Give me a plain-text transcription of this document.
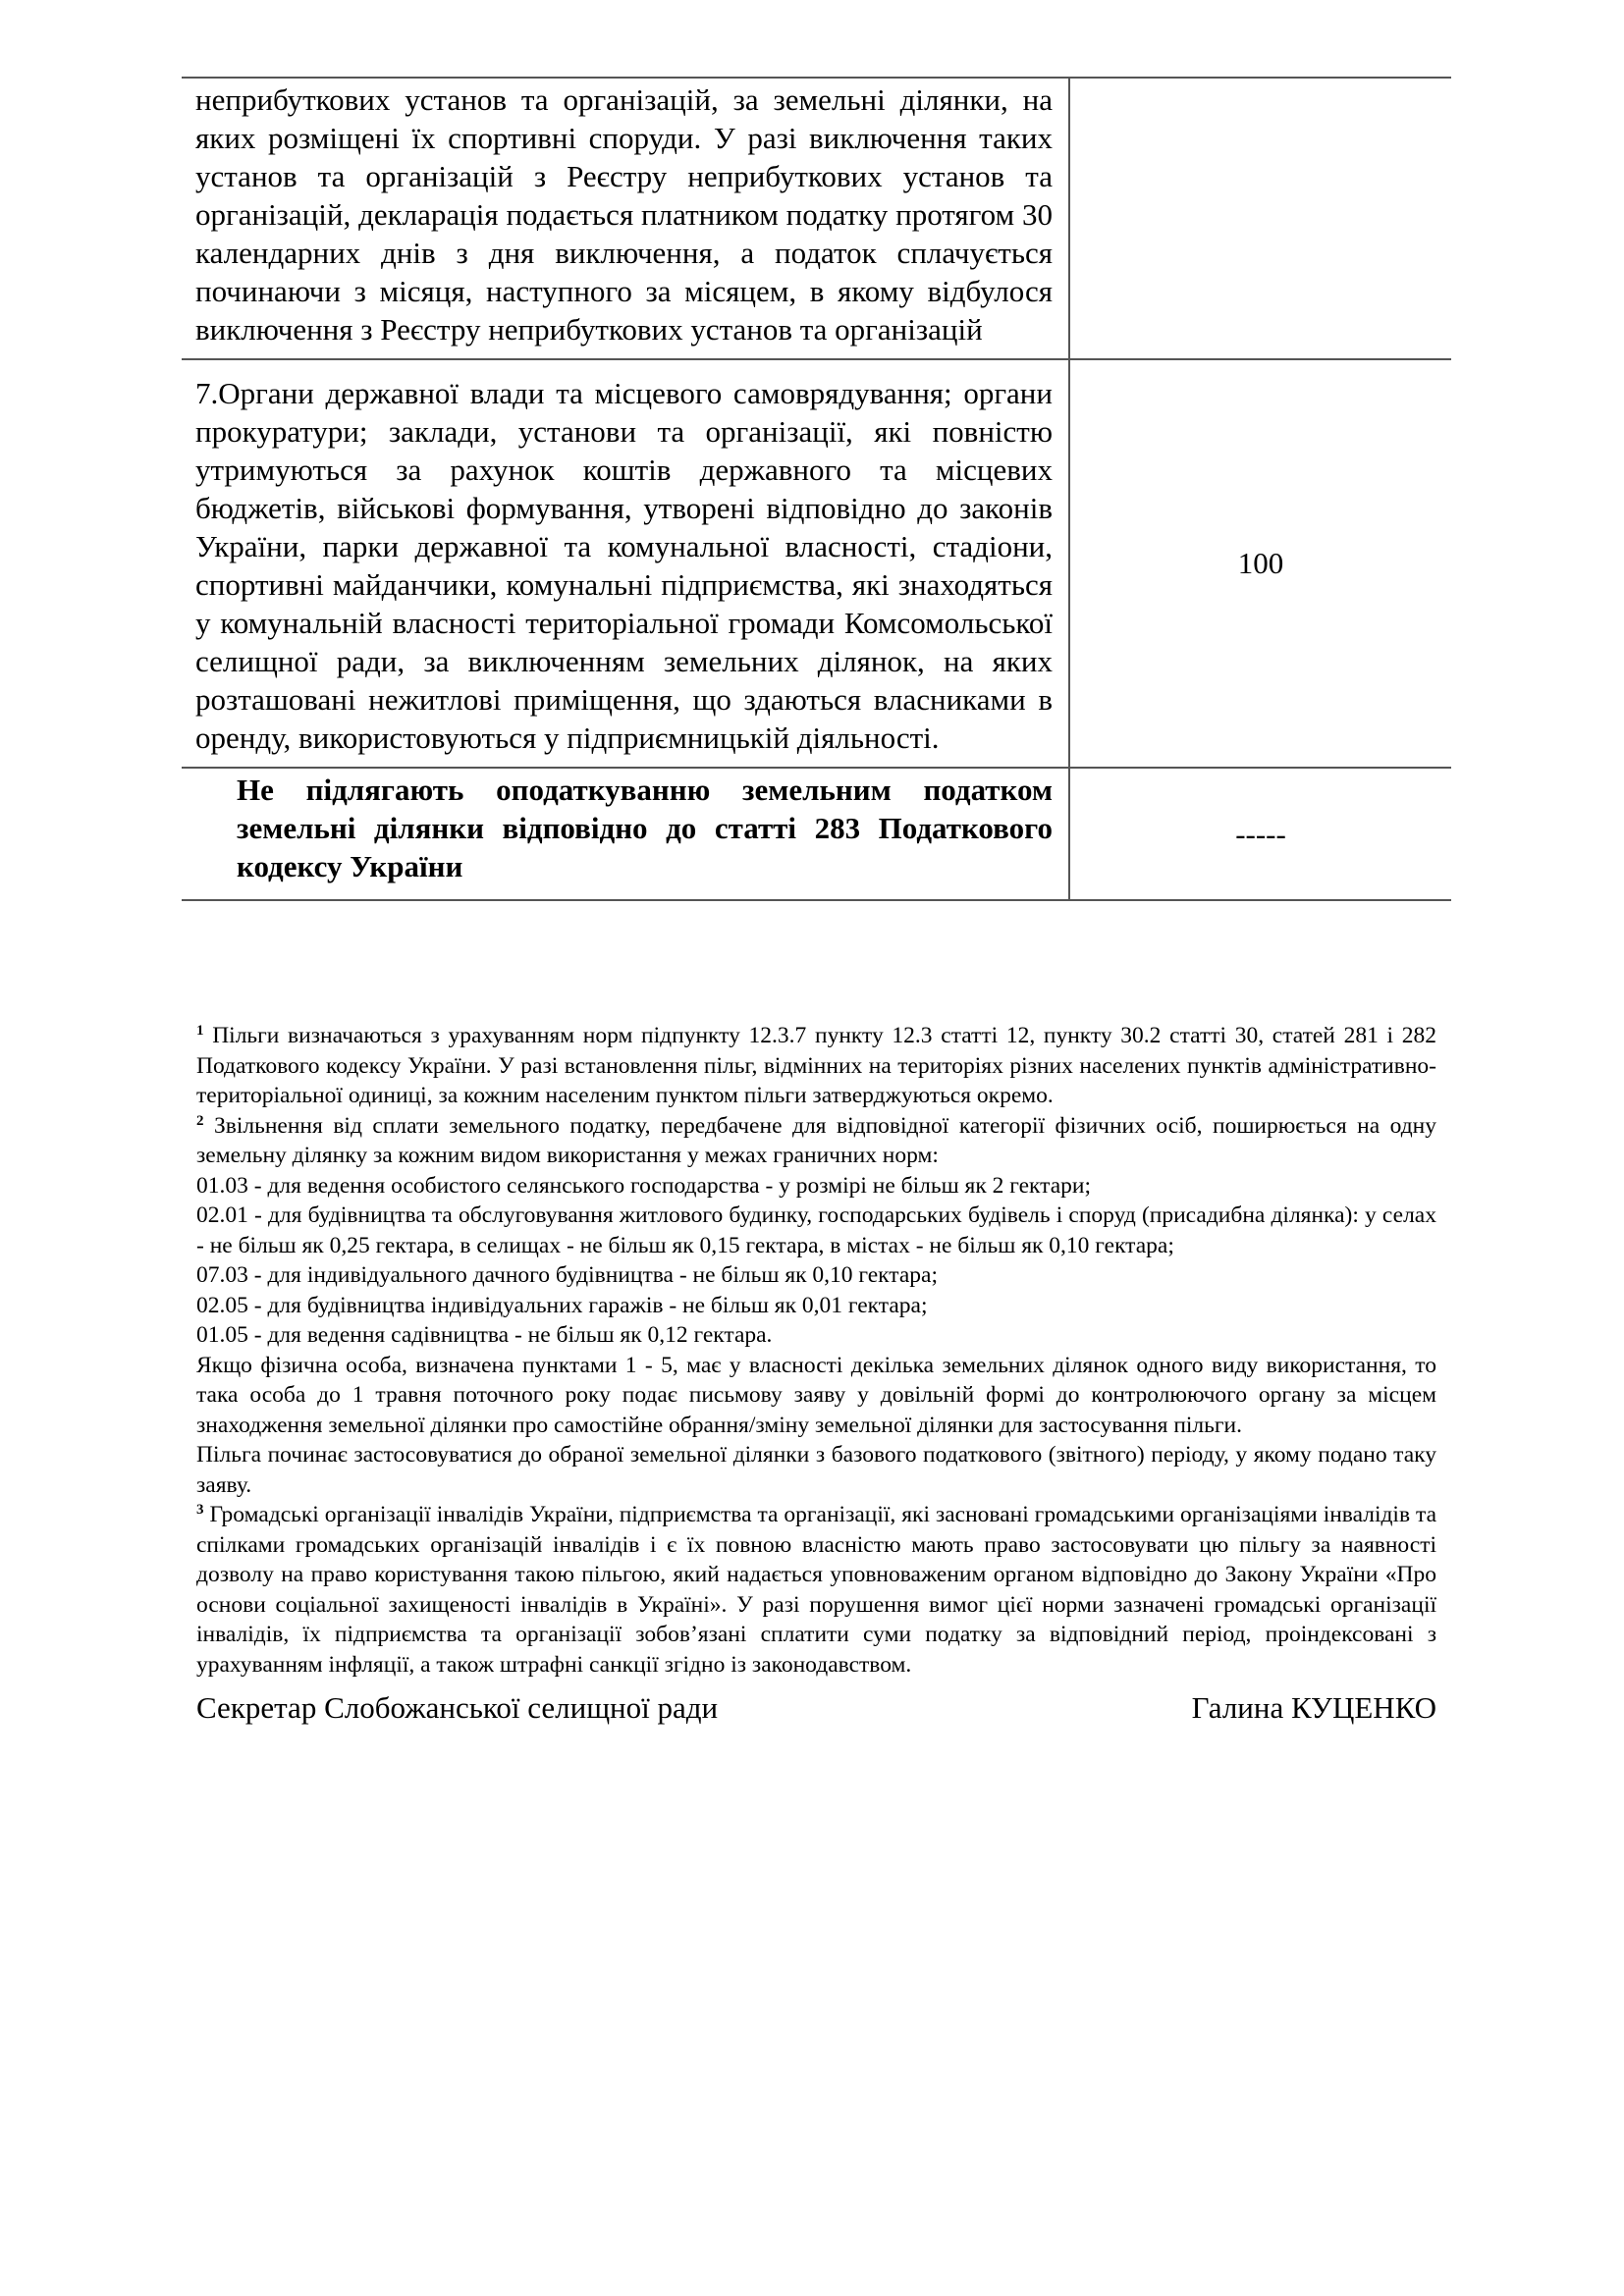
неприбуткових установ та організацій, за земельні ділянки, на яких розміщені їх спортивні споруди. У разі виключення таких установ та організацій з Реєстру неприбуткових установ та організацій, декларація подається платником податку протягом 30 календарних днів з дня виключення, а податок сплачується починаючи з місяця, наступного за місяцем, в якому відбулося виключення з Реєстру неприбуткових установ та організацій	

7.Органи державної влади та місцевого самоврядування; органи прокуратури; заклади, установи та організації, які повністю утримуються за рахунок коштів державного та місцевих бюджетів, військові формування, утворені відповідно до законів України, парки державної та комунальної власності, стадіони, спортивні майданчики, комунальні підприємства, які знаходяться у комунальній власності територіальної громади Комсомольської селищної ради, за виключенням земельних ділянок, на яких розташовані нежитлові приміщення, що здаються власниками в оренду, використовуються у підприємницькій діяльності.	100

Не підлягають оподаткуванню земельним податком земельні ділянки відповідно до статті 283 Податкового кодексу України	-----

$^1$ Пільги визначаються з урахуванням норм підпункту 12.3.7 пункту 12.3 статті 12, пункту 30.2 статті 30, статей 281 і 282 Податкового кодексу України. У разі встановлення пільг, відмінних на територіях різних населених пунктів адміністративно-територіальної одиниці, за кожним населеним пунктом пільги затверджуються окремо.

$^2$ Звільнення від сплати земельного податку, передбачене для відповідної категорії фізичних осіб, поширюється на одну земельну ділянку за кожним видом використання у межах граничних норм:

01.03 - для ведення особистого селянського господарства - у розмірі не більш як 2 гектари;

02.01 - для будівництва та обслуговування житлового будинку, господарських будівель і споруд (присадибна ділянка): у селах - не більш як 0,25 гектара, в селищах - не більш як 0,15 гектара, в містах - не більш як 0,10 гектара;

07.03 - для індивідуального дачного будівництва - не більш як 0,10 гектара;

02.05 - для будівництва індивідуальних гаражів - не більш як 0,01 гектара;

01.05 - для ведення садівництва - не більш як 0,12 гектара.

Якщо фізична особа, визначена пунктами 1 - 5, має у власності декілька земельних ділянок одного виду використання, то така особа до 1 травня поточного року подає письмову заяву у довільній формі до контролюючого органу за місцем знаходження земельної ділянки про самостійне обрання/зміну земельної ділянки для застосування пільги.

Пільга починає застосовуватися до обраної земельної ділянки з базового податкового (звітного) періоду, у якому подано таку заяву.

$^3$ Громадські організації інвалідів України, підприємства та організації, які засновані громадськими організаціями інвалідів та спілками громадських організацій інвалідів і є їх повною власністю мають право застосовувати цю пільгу за наявності дозволу на право користування такою пільгою, який надається уповноваженим органом відповідно до Закону України «Про основи соціальної захищеності інвалідів в Україні». У разі порушення вимог цієї норми зазначені громадські організації інвалідів, їх підприємства та організації зобов’язані сплатити суми податку за відповідний період, проіндексовані з урахуванням інфляції, а також штрафні санкції згідно із законодавством.

Секретар Слобожанської селищної ради	Галина КУЦЕНКО
